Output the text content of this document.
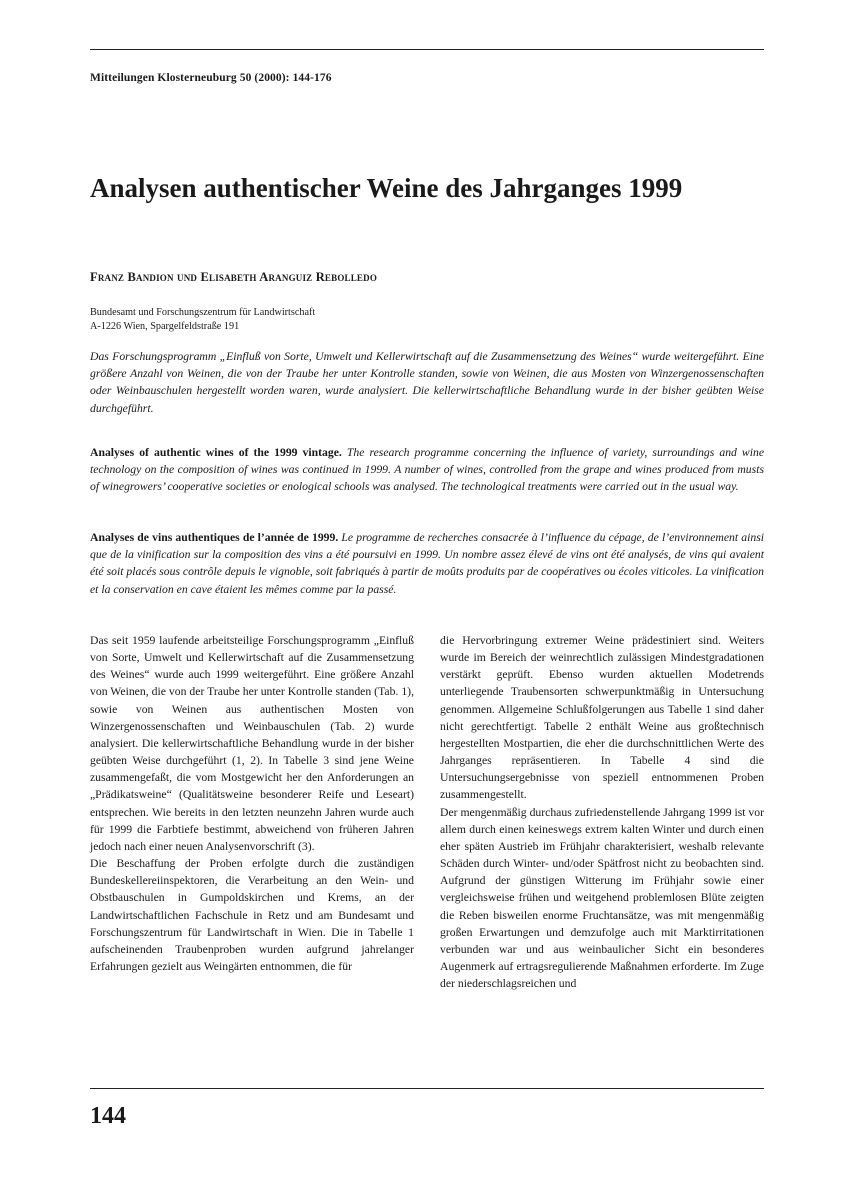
Mitteilungen Klosterneuburg 50 (2000): 144-176
Analysen authentischer Weine des Jahrganges 1999
Franz Bandion und Elisabeth Aranguiz Rebolledo
Bundesamt und Forschungszentrum für Landwirtschaft
A-1226 Wien, Spargelfeldstraße 191

Das Forschungsprogramm „Einfluß von Sorte, Umwelt und Kellerwirtschaft auf die Zusammensetzung des Weines“ wurde weitergeführt. Eine größere Anzahl von Weinen, die von der Traube her unter Kontrolle standen, sowie von Weinen, die aus Mosten von Winzergenossenschaften oder Weinbauschulen hergestellt worden waren, wurde analysiert. Die kellerwirtschaftliche Behandlung wurde in der bisher geübten Weise durchgeführt.

Analyses of authentic wines of the 1999 vintage. The research programme concerning the influence of variety, surroundings and wine technology on the composition of wines was continued in 1999. A number of wines, controlled from the grape and wines produced from musts of winegrowers’ cooperative societies or enological schools was analysed. The technological treatments were carried out in the usual way.

Analyses de vins authentiques de l’année de 1999. Le programme de recherches consacrée à l’influence du cépage, de l’environnement ainsi que de la vinification sur la composition des vins a été poursuivi en 1999. Un nombre assez élevé de vins ont été analysés, de vins qui avaient été soit placés sous contrôle depuis le vignoble, soit fabriqués à partir de moûts produits par de coopératives ou écoles viticoles. La vinification et la conservation en cave étaient les mêmes comme par la passé.

Das seit 1959 laufende arbeitsteilige Forschungsprogramm „Einfluß von Sorte, Umwelt und Kellerwirtschaft auf die Zusammensetzung des Weines“ wurde auch 1999 weitergeführt. Eine größere Anzahl von Weinen, die von der Traube her unter Kontrolle standen (Tab. 1), sowie von Weinen aus authentischen Mosten von Winzergenossenschaften und Weinbauschulen (Tab. 2) wurde analysiert. Die kellerwirtschaftliche Behandlung wurde in der bisher geübten Weise durchgeführt (1, 2). In Tabelle 3 sind jene Weine zusammengefaßt, die vom Mostgewicht her den Anforderungen an „Prädikatsweine“ (Qualitätsweine besonderer Reife und Leseart) entsprechen. Wie bereits in den letzten neunzehn Jahren wurde auch für 1999 die Farbtiefe bestimmt, abweichend von früheren Jahren jedoch nach einer neuen Analysenvorschrift (3).

Die Beschaffung der Proben erfolgte durch die zuständigen Bundeskellereiinspektoren, die Verarbeitung an den Wein- und Obstbauschulen in Gumpoldskirchen und Krems, an der Landwirtschaftlichen Fachschule in Retz und am Bundesamt und Forschungszentrum für Landwirtschaft in Wien. Die in Tabelle 1 aufscheinenden Traubenproben wurden aufgrund jahrelanger Erfahrungen gezielt aus Weingärten entnommen, die für

die Hervorbringung extremer Weine prädestiniert sind. Weiters wurde im Bereich der weinrechtlich zulässigen Mindestgradationen verstärkt geprüft. Ebenso wurden aktuellen Modetrends unterliegende Traubensorten schwerpunktmäßig in Untersuchung genommen. Allgemeine Schlußfolgerungen aus Tabelle 1 sind daher nicht gerechtfertigt. Tabelle 2 enthält Weine aus großtechnisch hergestellten Mostpartien, die eher die durchschnittlichen Werte des Jahrganges repräsentieren. In Tabelle 4 sind die Untersuchungsergebnisse von speziell entnommenen Proben zusammengestellt.

Der mengenmäßig durchaus zufriedenstellende Jahrgang 1999 ist vor allem durch einen keineswegs extrem kalten Winter und durch einen eher späten Austrieb im Frühjahr charakterisiert, weshalb relevante Schäden durch Winter- und/oder Spätfrost nicht zu beobachten sind. Aufgrund der günstigen Witterung im Frühjahr sowie einer vergleichsweise frühen und weitgehend problemlosen Blüte zeigten die Reben bisweilen enorme Fruchtansätze, was mit mengenmäßig großen Erwartungen und demzufolge auch mit Marktirritationen verbunden war und aus weinbaulicher Sicht ein besonderes Augenmerk auf ertragsregulierende Maßnahmen erforderte. Im Zuge der niederschlagsreichen und

144
